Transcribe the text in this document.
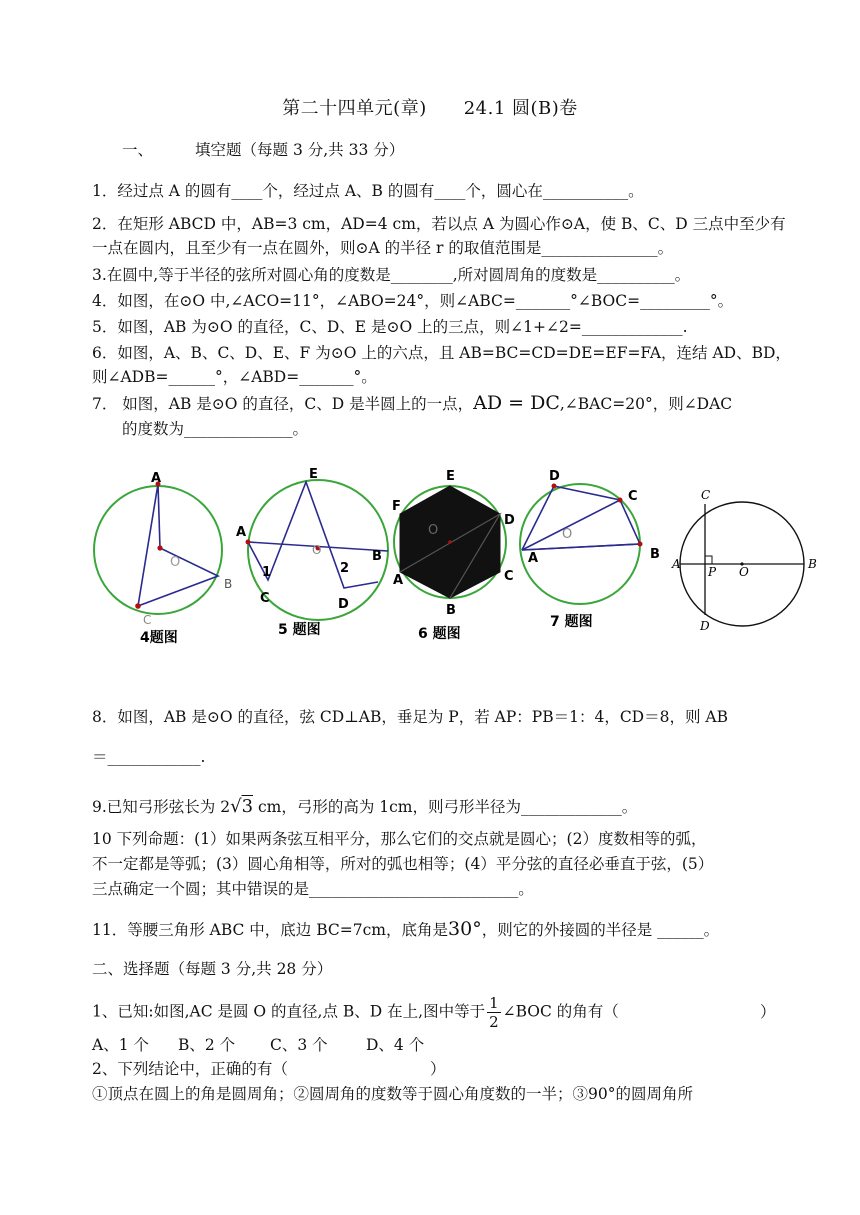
第二十四单元(章)　　24.1 圆(B)卷
一、	填空题（每题 3 分,共 33 分）
1．经过点 A 的圆有____个，经过点 A、B 的圆有____个，圆心在___________。
2．在矩形 ABCD 中，AB=3 cm，AD=4 cm，若以点 A 为圆心作⊙A，使 B、C、D 三点中至少有
一点在圆内，且至少有一点在圆外，则⊙A 的半径 r 的取值范围是_______________。
3.在圆中,等于半径的弦所对圆心角的度数是________,所对圆周角的度数是__________。
4．如图，在⊙O 中,∠ACO=11°，∠ABO=24°，则∠ABC=_______°∠BOC=_________°。
5．如图，AB 为⊙O 的直径，C、D、E 是⊙O 上的三点，则∠1+∠2=_____________.
6．如图，A、B、C、D、E、F 为⊙O 上的六点，且 AB=BC=CD=DE=EF=FA，连结 AD、BD，
则∠ADB=______°，∠ABD=_______°。
7． 如图，AB 是⊙O 的直径，C、D 是半圆上的一点，AD = DC,∠BAC=20°，则∠DAC
的度数为______________。
A
O
B
C
4题图
E
A
O
1	2
B
C	D
5 题图
E
F
D
O
A	C
B
6 题图
D
C
O
A	B
7 题图
C
A
P O
B
D
8．如图，AB 是⊙O 的直径，弦 CD⊥AB，垂足为 P，若 AP：PB＝1：4，CD＝8，则 AB
＝____________.
9.已知弓形弦长为 2√3 cm，弓形的高为 1cm，则弓形半径为_____________。
10 下列命题：(1）如果两条弦互相平分，那么它们的交点就是圆心；(2）度数相等的弧，
不一定都是等弧；(3）圆心角相等，所对的弧也相等；(4）平分弦的直径必垂直于弦，(5）
三点确定一个圆；其中错误的是___________________________。
11．等腰三角形 ABC 中，底边 BC=7cm，底角是30°，则它的外接圆的半径是 ______。
二、选择题（每题 3 分,共 28 分）
1、已知:如图,AC 是圆 O 的直径,点 B、D 在上,图中等于 $\frac{1}{2}$ ∠BOC 的角有（	）
A、1 个 B、2 个 C、3 个 D、4 个
2、下列结论中，正确的有（	）
①顶点在圆上的角是圆周角；②圆周角的度数等于圆心角度数的一半；③90°的圆周角所
